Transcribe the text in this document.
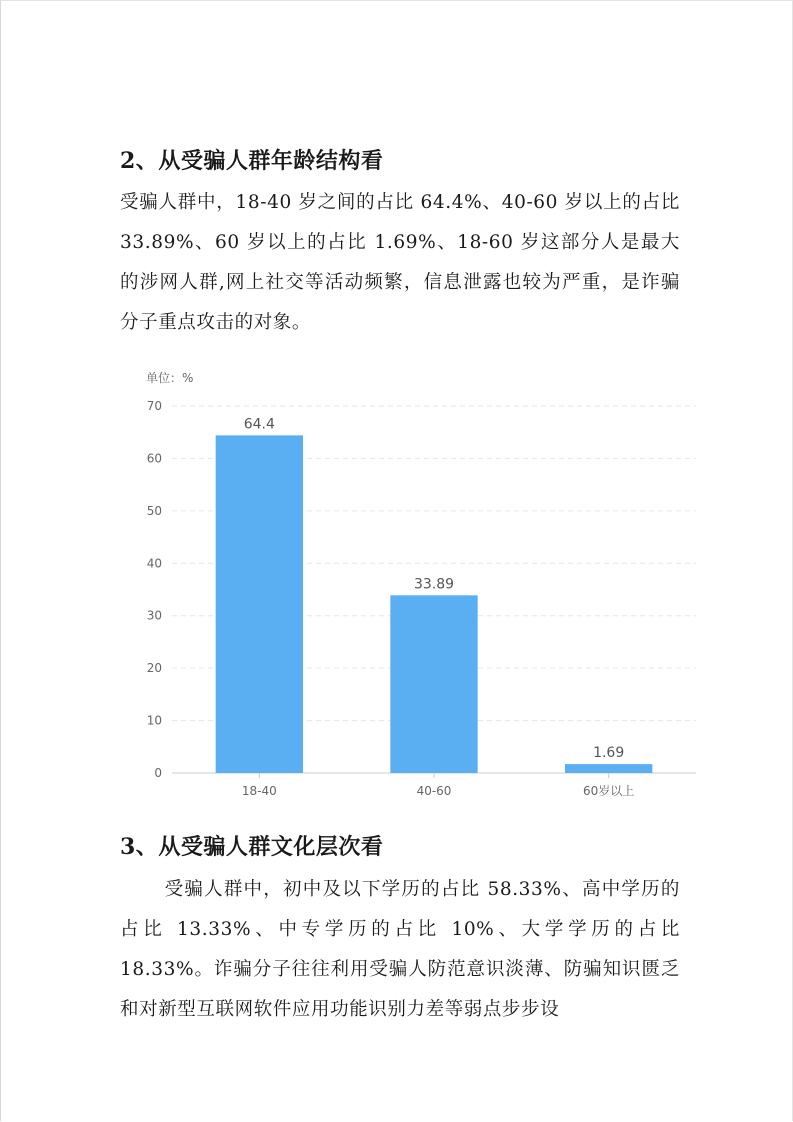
2、从受骗人群年龄结构看

受骗人群中，18-40 岁之间的占比 64.4%、40-60 岁以上的占比 33.89%、60 岁以上的占比 1.69%、18-60 岁这部分人是最大的涉网人群,网上社交等活动频繁，信息泄露也较为严重，是诈骗分子重点攻击的对象。

单位：%
0
10
20
30
40
50
60
70
64.4
18-40
33.89
40-60
1.69
60岁以上
3、从受骗人群文化层次看

受骗人群中，初中及以下学历的占比 58.33%、高中学历的占比 13.33%、中专学历的占比 10%、大学学历的占比 18.33%。诈骗分子往往利用受骗人防范意识淡薄、防骗知识匮乏和对新型互联网软件应用功能识别力差等弱点步步设
